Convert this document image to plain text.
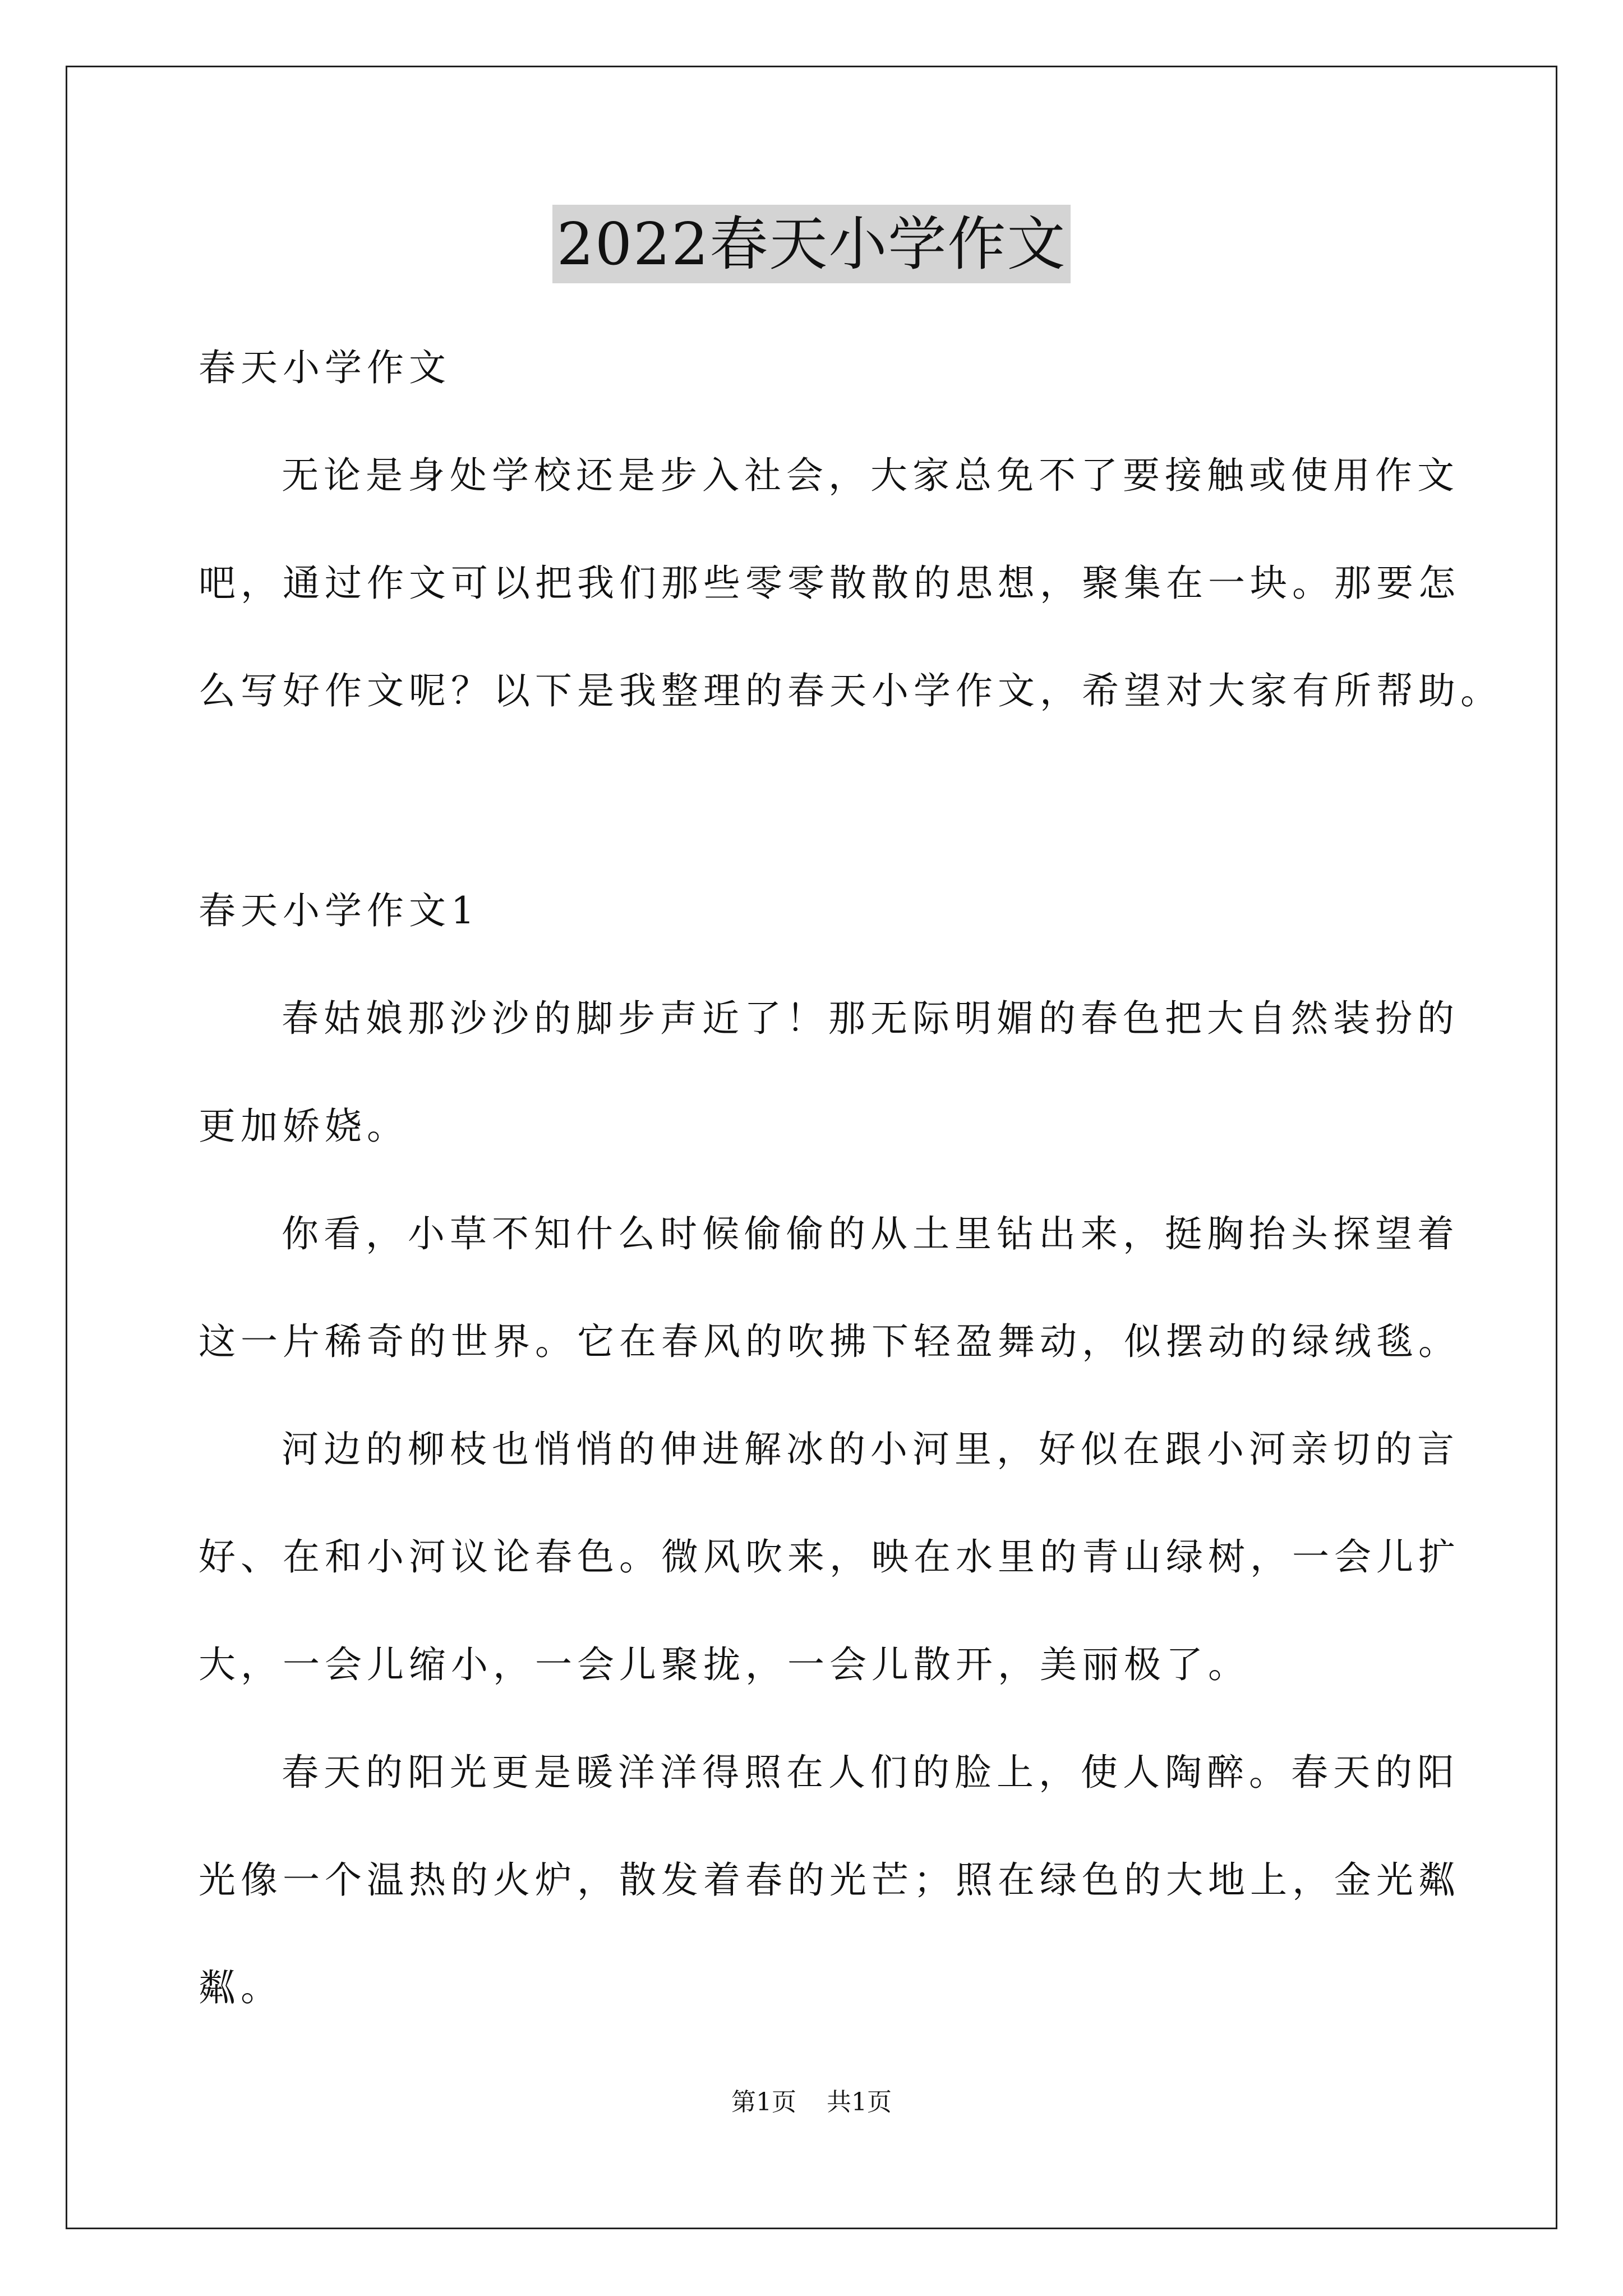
2022春天小学作文
春天小学作文
无论是身处学校还是步入社会，大家总免不了要接触或使用作文
吧，通过作文可以把我们那些零零散散的思想，聚集在一块。那要怎
么写好作文呢？以下是我整理的春天小学作文，希望对大家有所帮助。
春天小学作文1
春姑娘那沙沙的脚步声近了！那无际明媚的春色把大自然装扮的
更加娇娆。
你看，小草不知什么时候偷偷的从土里钻出来，挺胸抬头探望着
这一片稀奇的世界。它在春风的吹拂下轻盈舞动，似摆动的绿绒毯。
河边的柳枝也悄悄的伸进解冰的小河里，好似在跟小河亲切的言
好、在和小河议论春色。微风吹来，映在水里的青山绿树，一会儿扩
大，一会儿缩小，一会儿聚拢，一会儿散开，美丽极了。
春天的阳光更是暖洋洋得照在人们的脸上，使人陶醉。春天的阳
光像一个温热的火炉，散发着春的光芒；照在绿色的大地上，金光粼
粼。
第1页 共1页
